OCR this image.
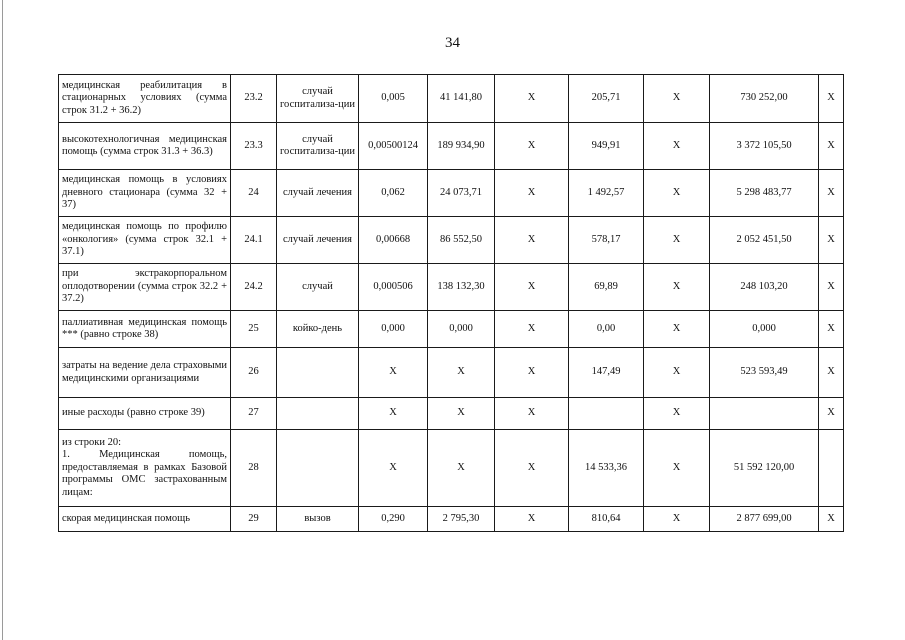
34
медицинская реабилитация в стационарных условиях (сумма строк 31.2 + 36.2)	23.2	случай госпитализа-ции	0,005	41 141,80	X	205,71	X	730 252,00	X

высокотехнологичная медицинская помощь (сумма строк 31.3 + 36.3)	23.3	случай госпитализа-ции	0,00500124	189 934,90	X	949,91	X	3 372 105,50	X

медицинская помощь в условиях дневного стационара (сумма 32 + 37)	24	случай лечения	0,062	24 073,71	X	1 492,57	X	5 298 483,77	X

медицинская помощь по профилю «онкология» (сумма строк 32.1 + 37.1)	24.1	случай лечения	0,00668	86 552,50	X	578,17	X	2 052 451,50	X

при экстракорпоральном оплодотворении (сумма строк 32.2 + 37.2)	24.2	случай	0,000506	138 132,30	X	69,89	X	248 103,20	X

паллиативная медицинская помощь *** (равно строке 38)	25	койко-день	0,000	0,000	X	0,00	X	0,000	X

затраты на ведение дела страховыми медицинскими организациями	26		X	X	X	147,49	X	523 593,49	X

иные расходы (равно строке 39)	27		X	X	X		X		X

из строки 20:
1. Медицинская помощь, предоставляемая в рамках Базовой программы ОМС застрахованным лицам:	28		X	X	X	14 533,36	X	51 592 120,00	

скорая медицинская помощь	29	вызов	0,290	2 795,30	X	810,64	X	2 877 699,00	X
